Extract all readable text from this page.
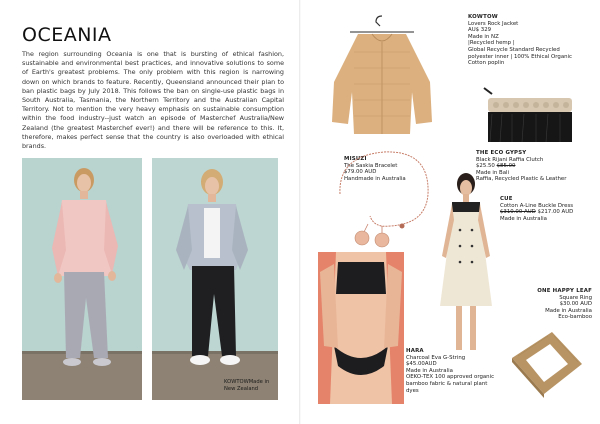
OCEANIA

The region surrounding Oceania is one that is bursting of ethical fashion, sustainable and environmental best practices, and innovative solutions to some of Earth's greatest problems. The only problem with this region is narrowing down on which brands to feature. Recently, Queensland announced their plan to ban plastic bags by July 2018. This follows the ban on single-use plastic bags in South Australia, Tasmania, the Northern Territory and the Australian Capital Territory. Not to mention the very heavy emphasis on sustainable consumption within the food industry--just watch an episode of Masterchef Australia/New Zealand (the greatest Masterchef ever!) and there will be reference to this. It, therefore, makes perfect sense that the country is also overloaded with ethical brands.

KOWTOWMade in New Zealand
KOWTOW
Lovers Rock Jacket
AU$ 329
Made in NZ
|Recycled hemp |
Global Recycle Standard Recycled
polyester inner | 100% Ethical Organic
Cotton poplin
THE ECO GYPSY
Black Rijani Raffia Clutch
$25.50 $85.00
Made in Bali
Raffia, Recycled Plastic & Leather
MISUZI
The Saskia Bracelet
$79.00 AUD
Handmade in Australia
CUE
Cotton A-Line Buckle Dress
$310.00 AUD $217.00 AUD
Made in Australia
HARA
Charcoal Eva G-String
$45.00AUD
Made in Australia
OEKO-TEX 100 approved organic
bamboo fabric & natural plant dyes
ONE HAPPY LEAF
Square Ring
$30.00 AUD
Made in Australia
Eco-bamboo
